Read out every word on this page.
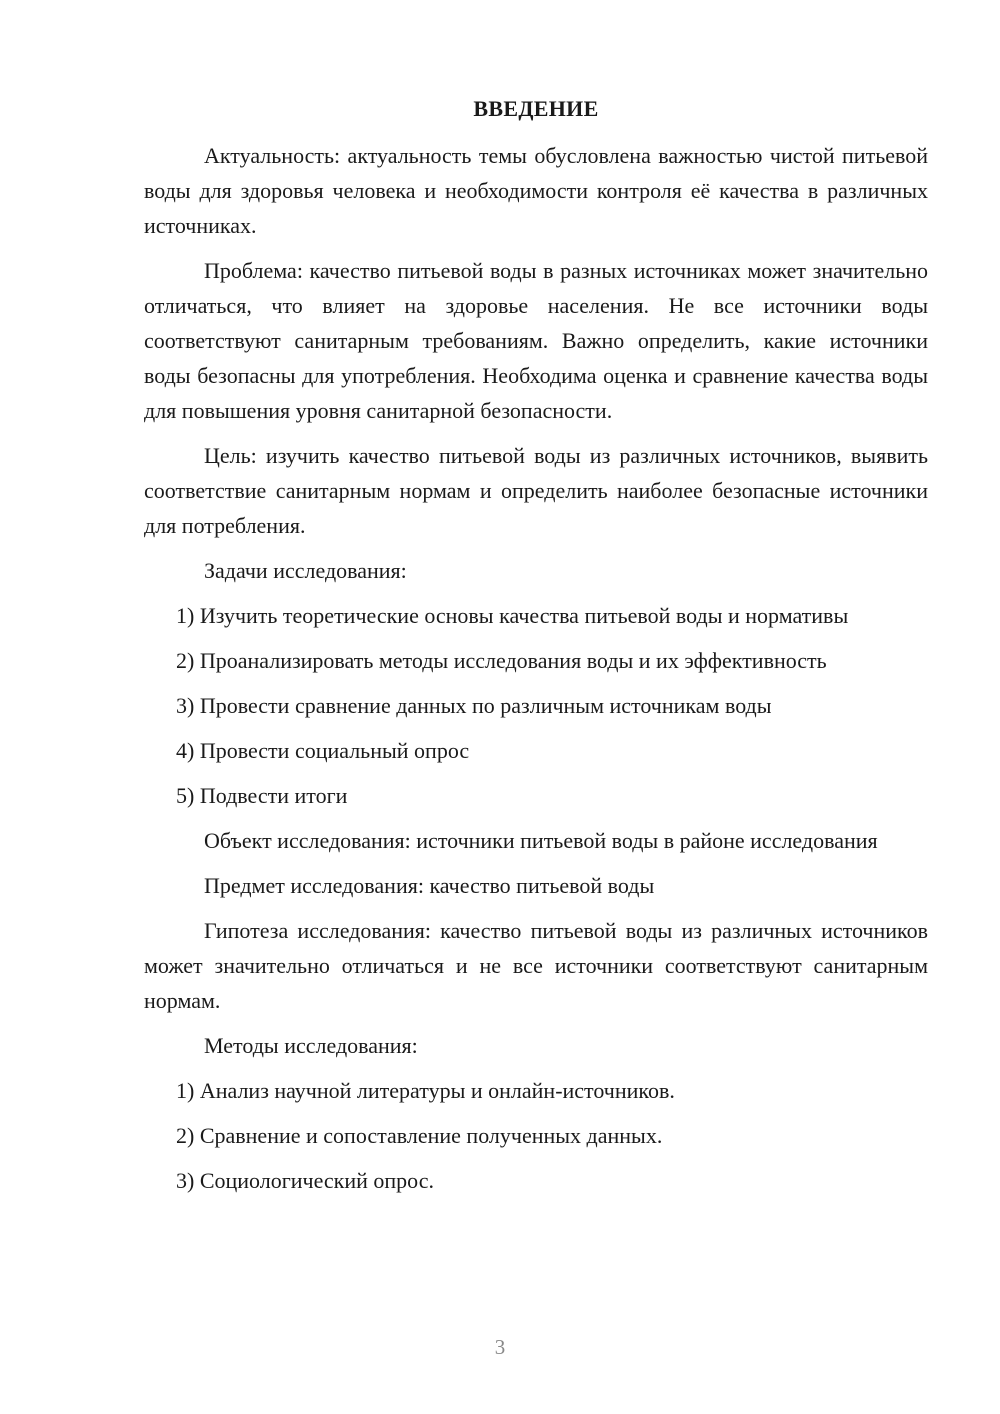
ВВЕДЕНИЕ
Актуальность: актуальность темы обусловлена важностью чистой питьевой воды для здоровья человека и необходимости контроля её качества в различных источниках.
Проблема: качество питьевой воды в разных источниках может значительно отличаться, что влияет на здоровье населения. Не все источники воды соответствуют санитарным требованиям. Важно определить, какие источники воды безопасны для употребления. Необходима оценка и сравнение качества воды для повышения уровня санитарной безопасности.
Цель: изучить качество питьевой воды из различных источников, выявить соответствие санитарным нормам и определить наиболее безопасные источники для потребления.
Задачи исследования:
1) Изучить теоретические основы качества питьевой воды и нормативы
2) Проанализировать методы исследования воды и их эффективность
3) Провести сравнение данных по различным источникам воды
4) Провести социальный опрос
5) Подвести итоги
Объект исследования: источники питьевой воды в районе исследования
Предмет исследования: качество питьевой воды
Гипотеза исследования: качество питьевой воды из различных источников может значительно отличаться и не все источники соответствуют санитарным нормам.
Методы исследования:
1) Анализ научной литературы и онлайн-источников.
2) Сравнение и сопоставление полученных данных.
3) Социологический опрос.
3
